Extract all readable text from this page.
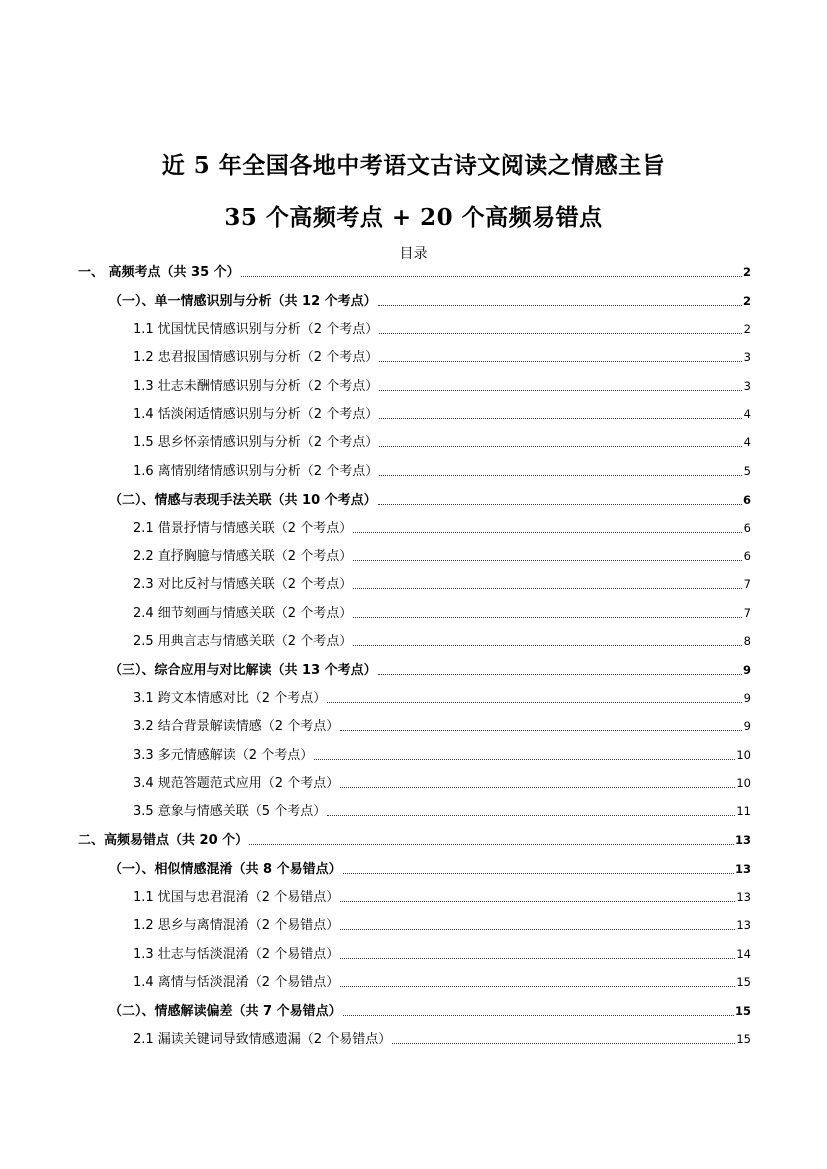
近 5 年全国各地中考语文古诗文阅读之情感主旨
35 个高频考点 + 20 个高频易错点
目录
一、 高频考点（共 35 个）	2
（一）、单一情感识别与分析（共 12 个考点）	2
1.1 忧国忧民情感识别与分析（2 个考点）	2
1.2 忠君报国情感识别与分析（2 个考点）	3
1.3 壮志未酬情感识别与分析（2 个考点）	3
1.4 恬淡闲适情感识别与分析（2 个考点）	4
1.5 思乡怀亲情感识别与分析（2 个考点）	4
1.6 离情别绪情感识别与分析（2 个考点）	5
（二）、情感与表现手法关联（共 10 个考点）	6
2.1 借景抒情与情感关联（2 个考点）	6
2.2 直抒胸臆与情感关联（2 个考点）	6
2.3 对比反衬与情感关联（2 个考点）	7
2.4 细节刻画与情感关联（2 个考点）	7
2.5 用典言志与情感关联（2 个考点）	8
（三）、综合应用与对比解读（共 13 个考点）	9
3.1 跨文本情感对比（2 个考点）	9
3.2 结合背景解读情感（2 个考点）	9
3.3 多元情感解读（2 个考点）	10
3.4 规范答题范式应用（2 个考点）	10
3.5 意象与情感关联（5 个考点）	11
二、高频易错点（共 20 个）	13
（一）、相似情感混淆（共 8 个易错点）	13
1.1 忧国与忠君混淆（2 个易错点）	13
1.2 思乡与离情混淆（2 个易错点）	13
1.3 壮志与恬淡混淆（2 个易错点）	14
1.4 离情与恬淡混淆（2 个易错点）	15
（二）、情感解读偏差（共 7 个易错点）	15
2.1 漏读关键词导致情感遗漏（2 个易错点）	15
